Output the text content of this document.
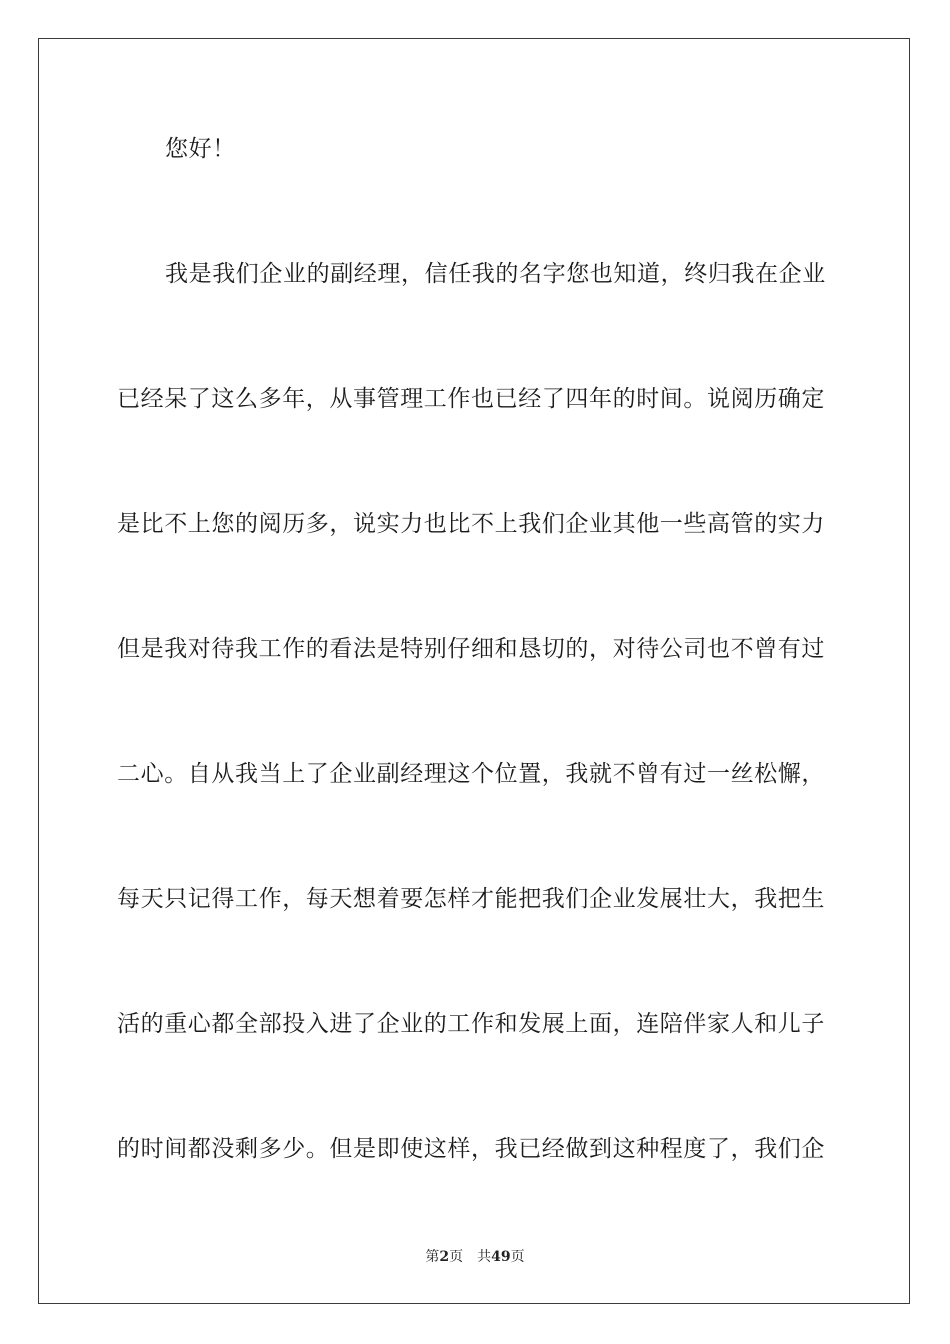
您好！
我是我们企业的副经理，信任我的名字您也知道，终归我在企业
已经呆了这么多年，从事管理工作也已经了四年的时间。说阅历确定
是比不上您的阅历多，说实力也比不上我们企业其他一些高管的实力
但是我对待我工作的看法是特别仔细和恳切的，对待公司也不曾有过
二心。自从我当上了企业副经理这个位置，我就不曾有过一丝松懈，
每天只记得工作，每天想着要怎样才能把我们企业发展壮大，我把生
活的重心都全部投入进了企业的工作和发展上面，连陪伴家人和儿子
的时间都没剩多少。但是即使这样，我已经做到这种程度了，我们企
第2页 共49页
